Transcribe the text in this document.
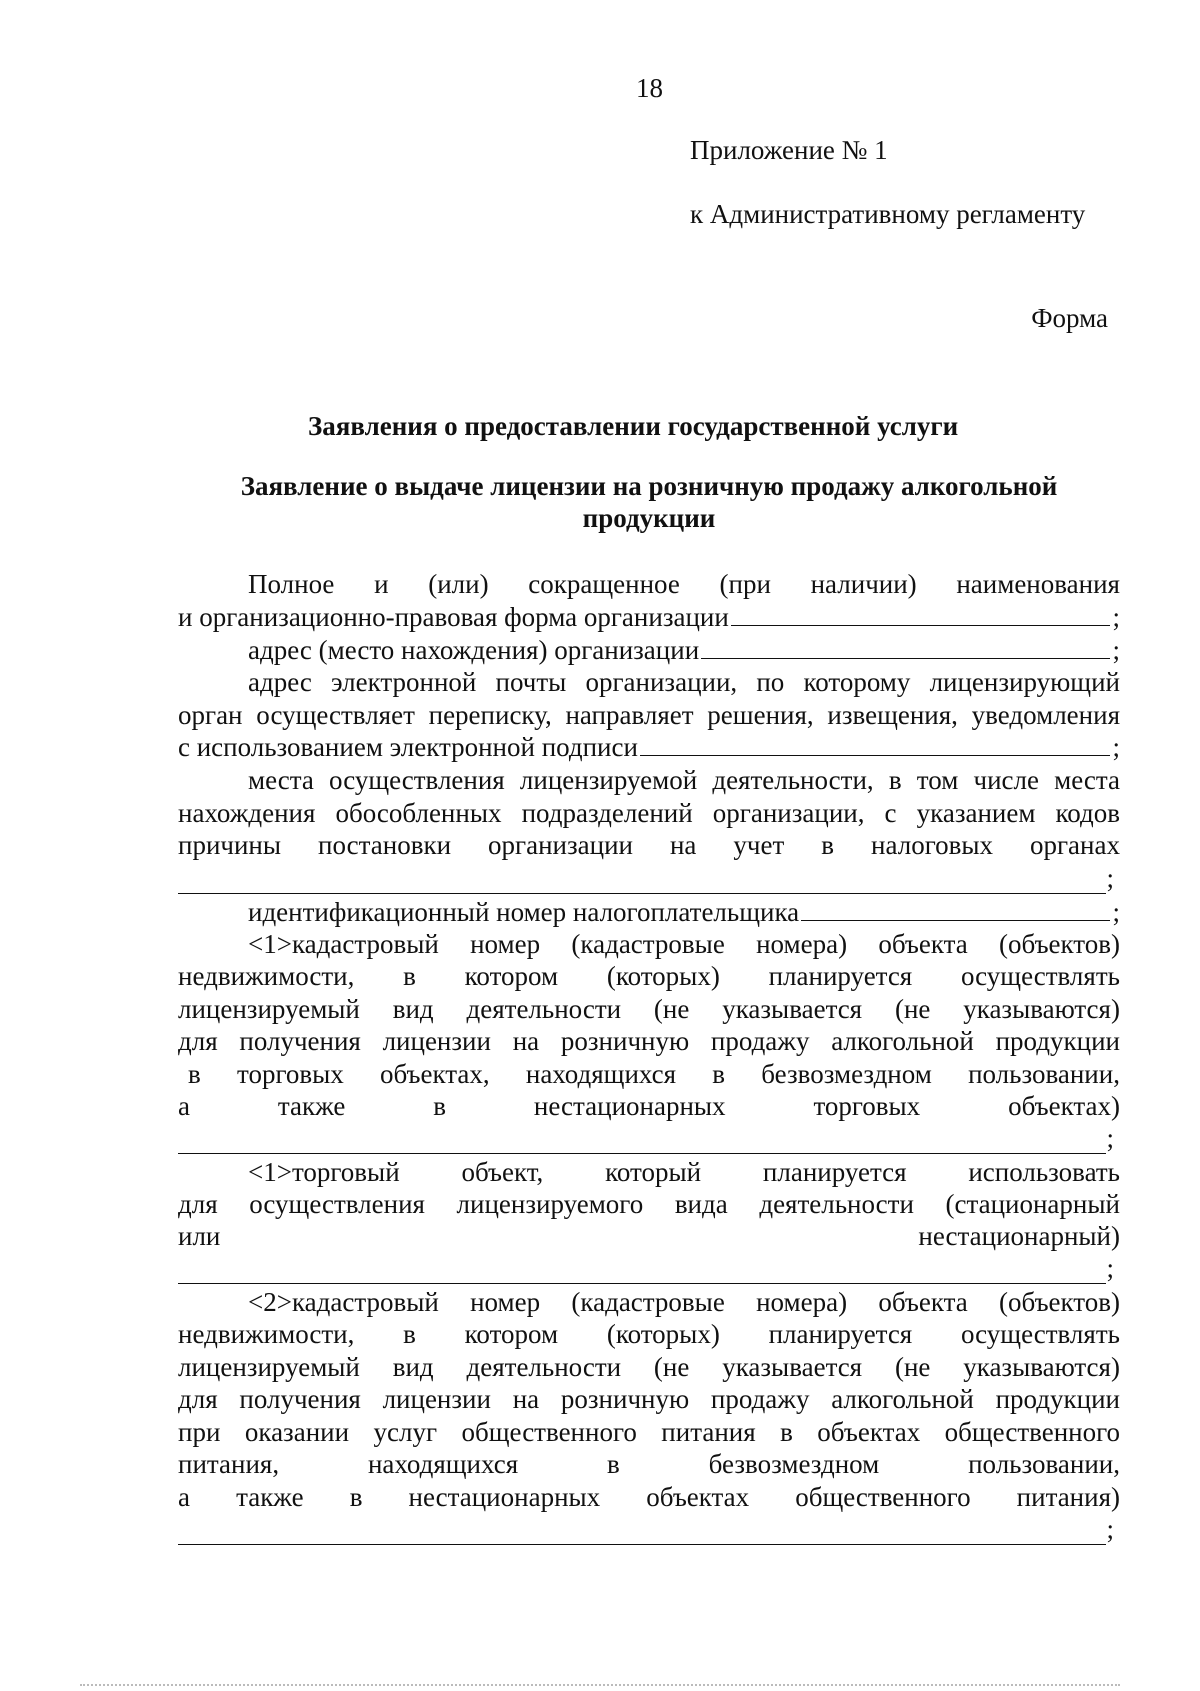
18
Приложение № 1
к Административному регламенту
Форма
Заявления о предоставлении государственной услуги
Заявление о выдаче лицензии на розничную продажу алкогольной
продукции
Полное и (или) сокращенное (при наличии) наименования
и организационно-правовая форма организации	;
адрес (место нахождения) организации	;
адрес электронной почты организации, по которому лицензирующий
орган осуществляет переписку, направляет решения, извещения, уведомления
с использованием электронной подписи	;
места осуществления лицензируемой деятельности, в том числе места
нахождения обособленных подразделений организации, с указанием кодов
причины постановки организации на учет в налоговых органах
;
идентификационный номер налогоплательщика	;
<1>кадастровый номер (кадастровые номера) объекта (объектов)
недвижимости, в котором (которых) планируется осуществлять
лицензируемый вид деятельности (не указывается (не указываются)
для получения лицензии на розничную продажу алкогольной продукции
в торговых объектах, находящихся в безвозмездном пользовании,
а	также	в	нестационарных	торговых	объектах)
;
<1>торговый объект, который планируется использовать
для осуществления лицензируемого вида деятельности (стационарный
или	нестационарный)
;
<2>кадастровый номер (кадастровые номера) объекта (объектов)
недвижимости, в котором (которых) планируется осуществлять
лицензируемый вид деятельности (не указывается (не указываются)
для получения лицензии на розничную продажу алкогольной продукции
при оказании услуг общественного питания в объектах общественного
питания,	находящихся	в	безвозмездном	пользовании,
а также в нестационарных объектах общественного питания)
;
